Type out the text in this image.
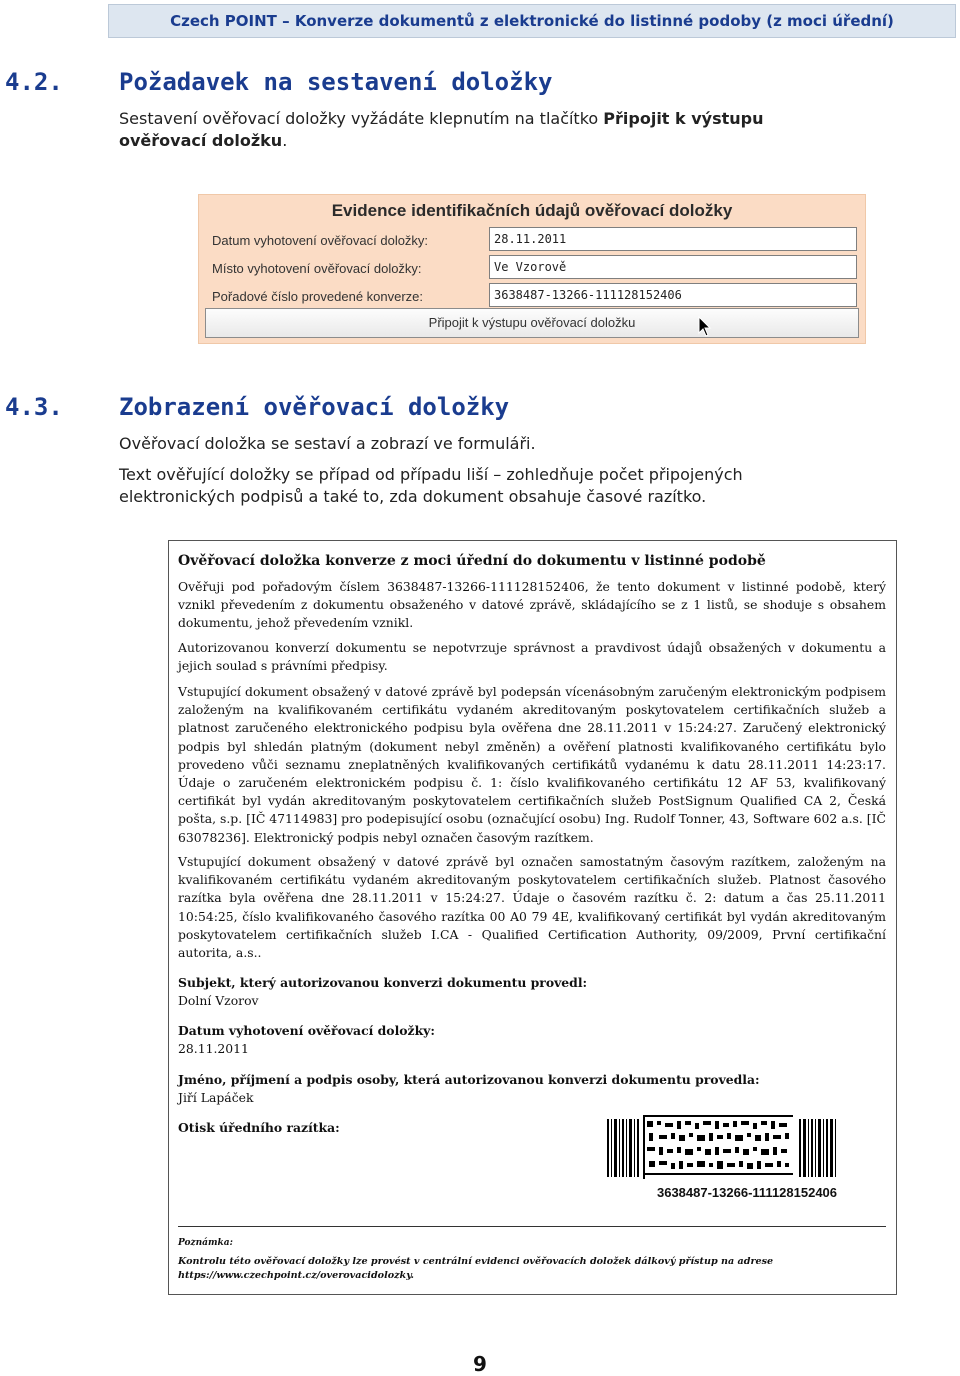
Czech POINT – Konverze dokumentů z elektronické do listinné podoby (z moci úřední)
4.2. Požadavek na sestavení doložky
Sestavení ověřovací doložky vyžádáte klepnutím na tlačítko Připojit k výstupu ověřovací doložku.
Evidence identifikačních údajů ověřovací doložky
Datum vyhotovení ověřovací doložky:	28.11.2011
Místo vyhotovení ověřovací doložky:	Ve Vzorově
Pořadové číslo provedené konverze:	3638487-13266-111128152406
Připojit k výstupu ověřovací doložku
4.3. Zobrazení ověřovací doložky
Ověřovací doložka se sestaví a zobrazí ve formuláři.
Text ověřující doložky se případ od případu liší – zohledňuje počet připojených elektronických podpisů a také to, zda dokument obsahuje časové razítko.
Ověřovací doložka konverze z moci úřední do dokumentu v listinné podobě
Ověřuji pod pořadovým číslem 3638487-13266-111128152406, že tento dokument v listinné podobě, který vznikl převedením z dokumentu obsaženého v datové zprávě, skládajícího se z 1 listů, se shoduje s obsahem dokumentu, jehož převedením vznikl.
Autorizovanou konverzí dokumentu se nepotvrzuje správnost a pravdivost údajů obsažených v dokumentu a jejich soulad s právními předpisy.
Vstupující dokument obsažený v datové zprávě byl podepsán vícenásobným zaručeným elektronickým podpisem založeným na kvalifikovaném certifikátu vydaném akreditovaným poskytovatelem certifikačních služeb a platnost zaručeného elektronického podpisu byla ověřena dne 28.11.2011 v 15:24:27. Zaručený elektronický podpis byl shledán platným (dokument nebyl změněn) a ověření platnosti kvalifikovaného certifikátu bylo provedeno vůči seznamu zneplatněných kvalifikovaných certifikátů vydanému k datu 28.11.2011 14:23:17. Údaje o zaručeném elektronickém podpisu č. 1: číslo kvalifikovaného certifikátu 12 AF 53, kvalifikovaný certifikát byl vydán akreditovaným poskytovatelem certifikačních služeb PostSignum Qualified CA 2, Česká pošta, s.p. [IČ 47114983] pro podepisující osobu (označující osobu) Ing. Rudolf Tonner, 43, Software 602 a.s. [IČ 63078236]. Elektronický podpis nebyl označen časovým razítkem.
Vstupující dokument obsažený v datové zprávě byl označen samostatným časovým razítkem, založeným na kvalifikovaném certifikátu vydaném akreditovaným poskytovatelem certifikačních služeb. Platnost časového razítka byla ověřena dne 28.11.2011 v 15:24:27. Údaje o časovém razítku č. 2: datum a čas 25.11.2011 10:54:25, číslo kvalifikovaného časového razítka 00 A0 79 4E, kvalifikovaný certifikát byl vydán akreditovaným poskytovatelem certifikačních služeb I.CA - Qualified Certification Authority, 09/2009, První certifikační autorita, a.s..
Subjekt, který autorizovanou konverzi dokumentu provedl:
Dolní Vzorov
Datum vyhotovení ověřovací doložky:
28.11.2011
Jméno, příjmení a podpis osoby, která autorizovanou konverzi dokumentu provedla:
Jiří Lapáček
Otisk úředního razítka:
3638487-13266-111128152406
Poznámka:
Kontrolu této ověřovací doložky lze provést v centrální evidenci ověřovacích doložek dálkový přístup na adrese https://www.czechpoint.cz/overovacidolozky.
9
